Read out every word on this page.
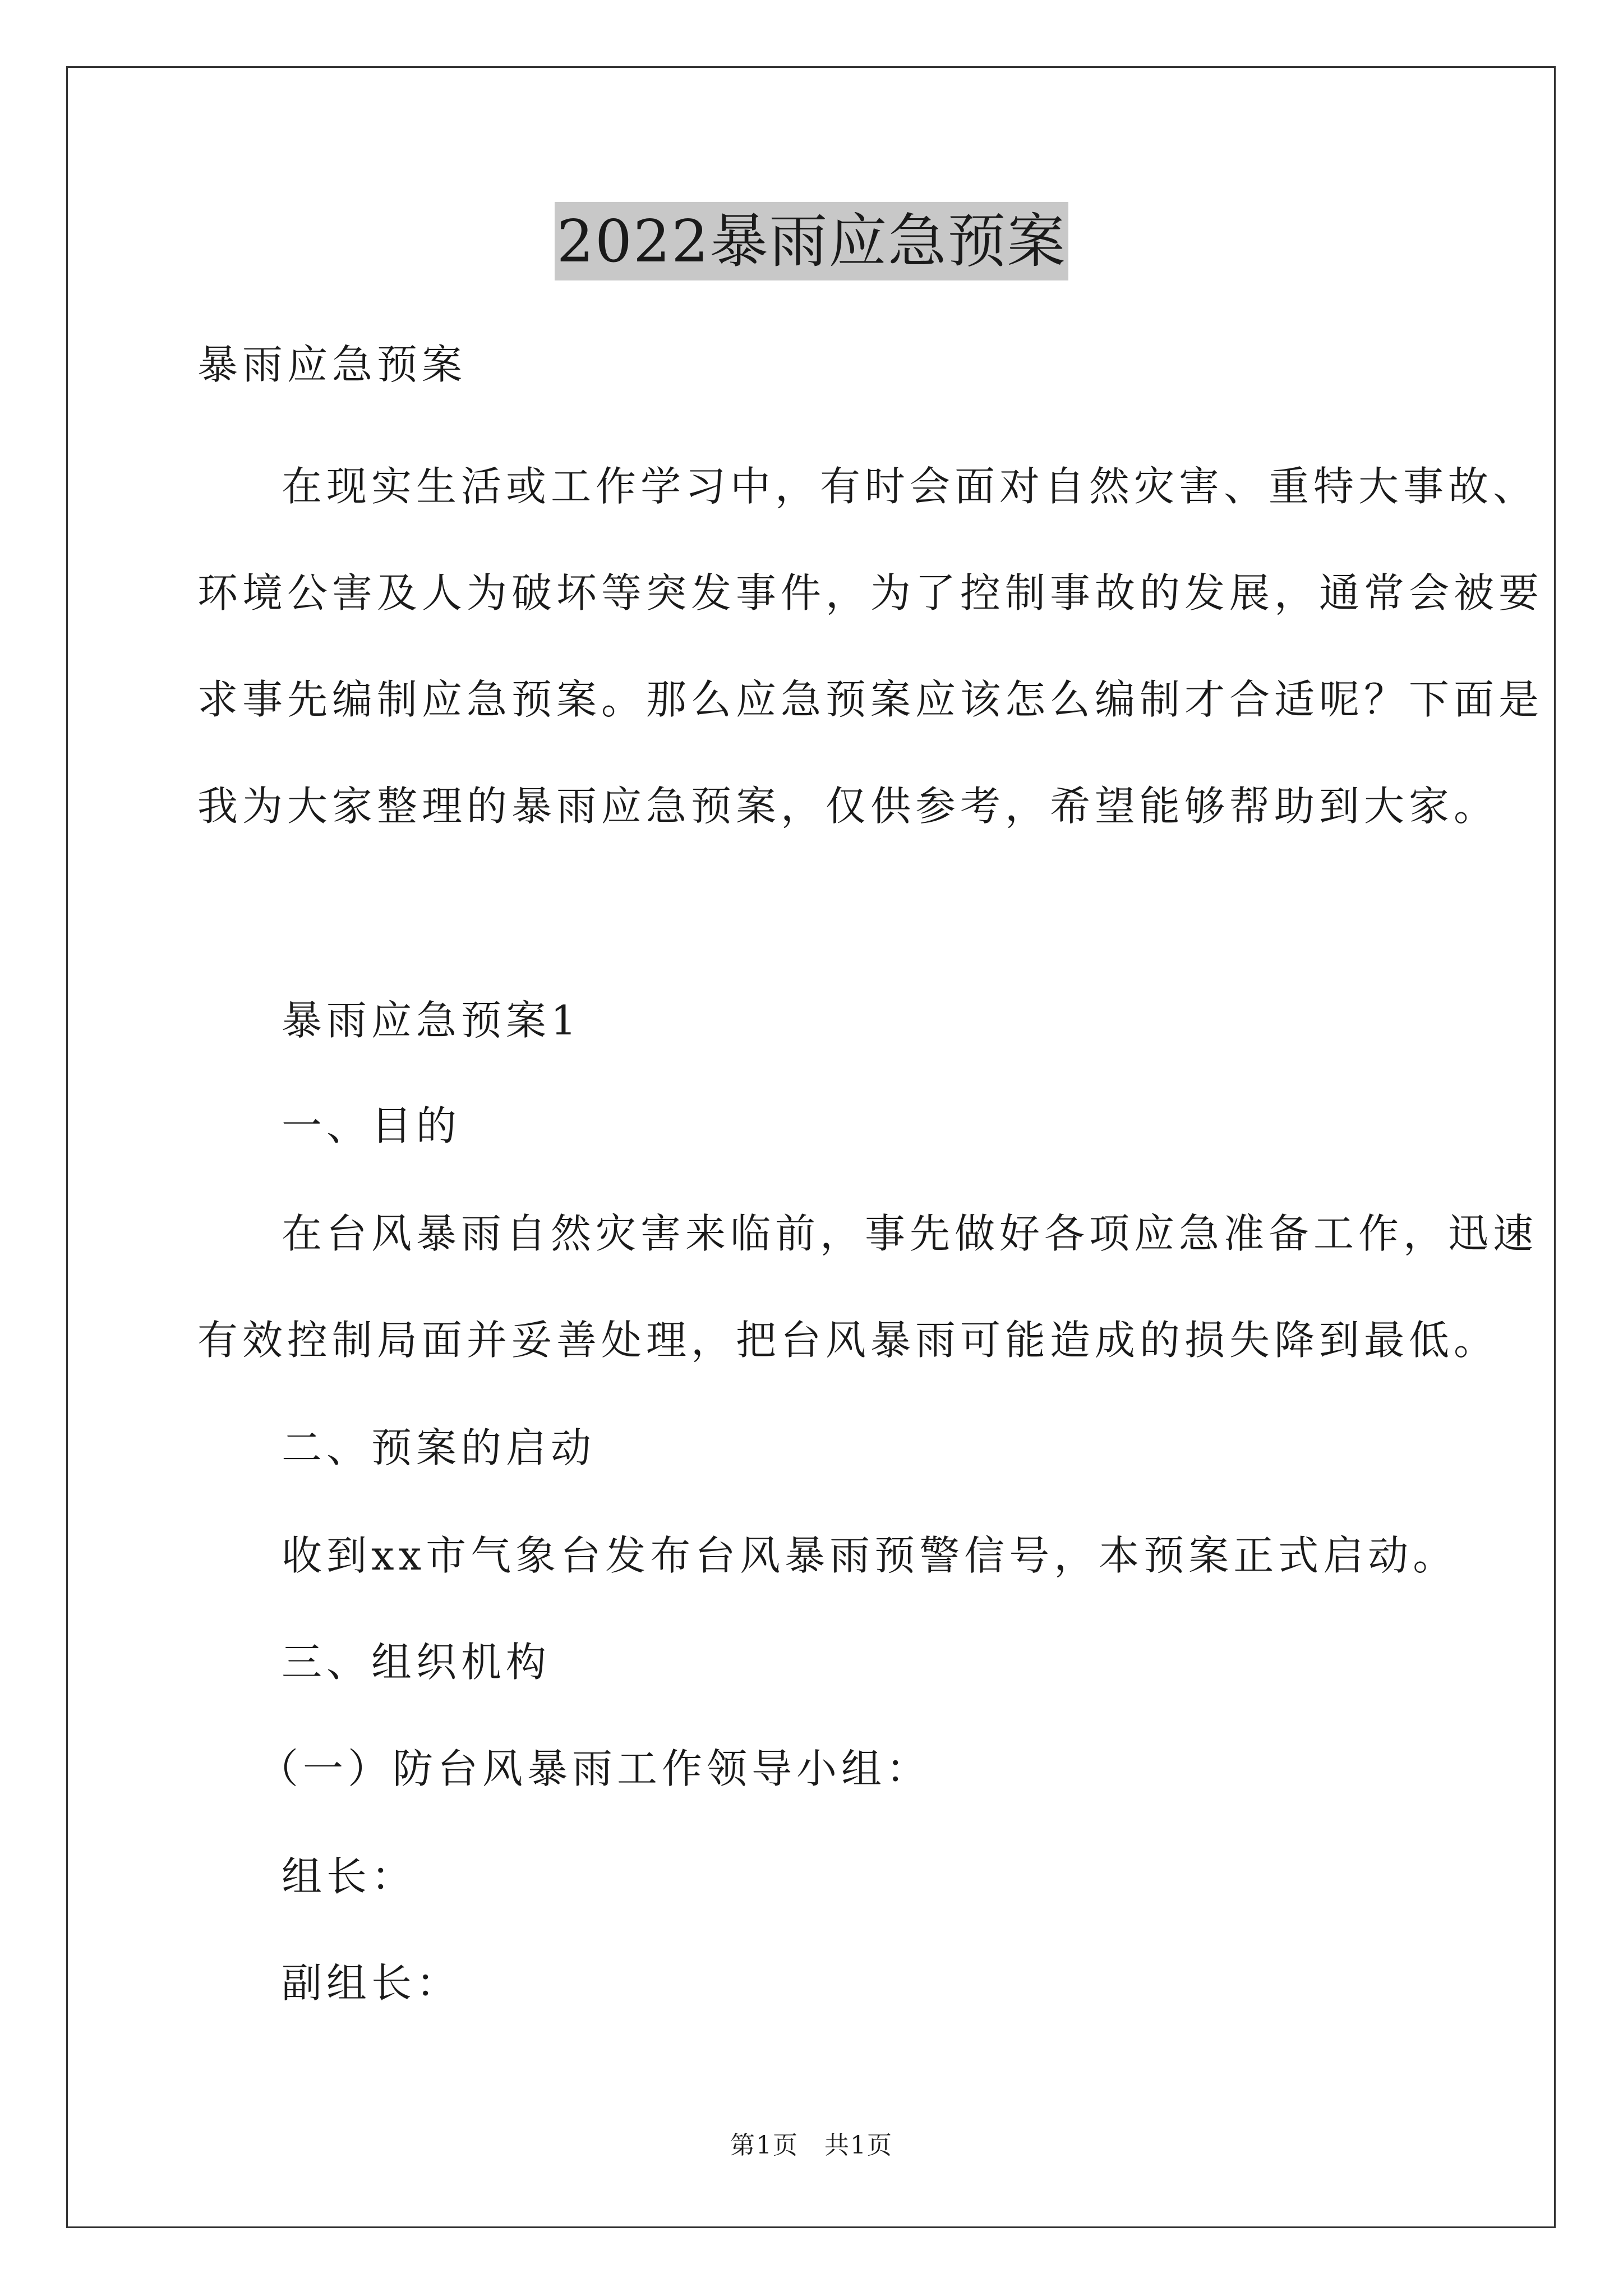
2022暴雨应急预案
暴雨应急预案
在现实生活或工作学习中，有时会面对自然灾害、重特大事故、
环境公害及人为破坏等突发事件，为了控制事故的发展，通常会被要
求事先编制应急预案。那么应急预案应该怎么编制才合适呢？下面是
我为大家整理的暴雨应急预案，仅供参考，希望能够帮助到大家。
暴雨应急预案1
一、目的
在台风暴雨自然灾害来临前，事先做好各项应急准备工作，迅速
有效控制局面并妥善处理，把台风暴雨可能造成的损失降到最低。
二、预案的启动
收到xx市气象台发布台风暴雨预警信号，本预案正式启动。
三、组织机构
（一）防台风暴雨工作领导小组：
组长：
副组长：
第1页　共1页
